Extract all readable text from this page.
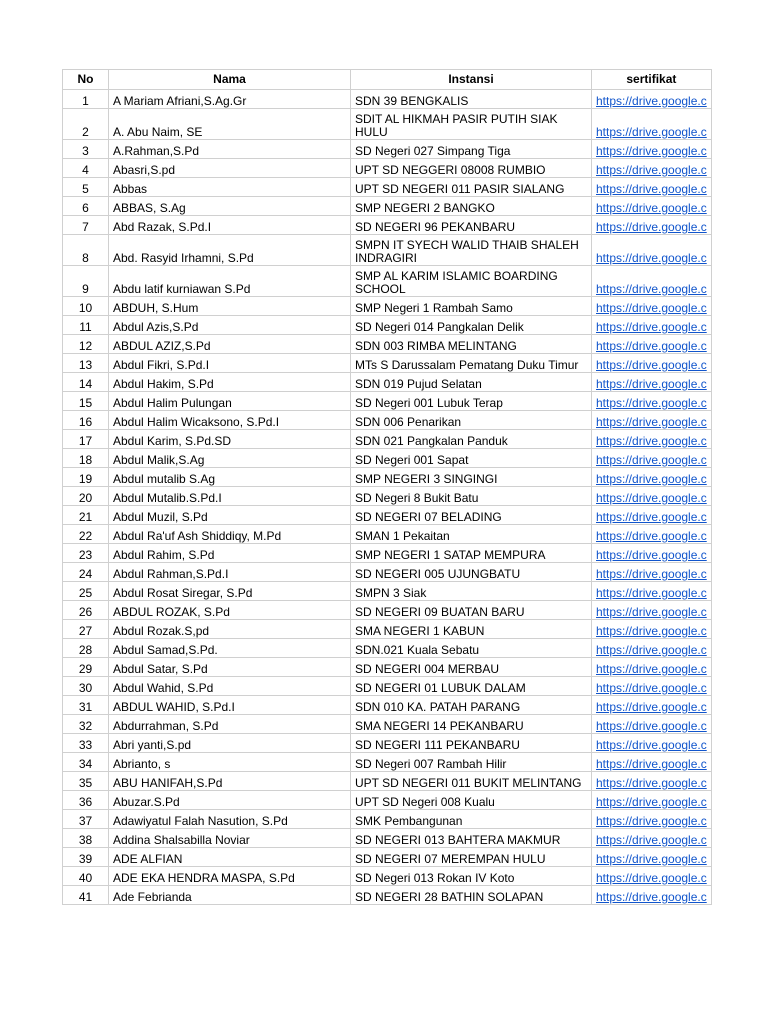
No	Nama	Instansi	sertifikat
1	A Mariam Afriani,S.Ag.Gr	SDN 39 BENGKALIS	https://drive.google.c
2	A. Abu Naim, SE	SDIT AL HIKMAH PASIR PUTIH SIAK HULU	https://drive.google.c
3	A.Rahman,S.Pd	SD Negeri 027 Simpang Tiga	https://drive.google.c
4	Abasri,S.pd	UPT SD NEGGERI 08008 RUMBIO	https://drive.google.c
5	Abbas	UPT SD NEGERI 011 PASIR SIALANG	https://drive.google.c
6	ABBAS, S.Ag	SMP NEGERI 2 BANGKO	https://drive.google.c
7	Abd Razak, S.Pd.I	SD NEGERI 96 PEKANBARU	https://drive.google.c
8	Abd. Rasyid Irhamni, S.Pd	SMPN IT SYECH WALID THAIB SHALEH INDRAGIRI	https://drive.google.c
9	Abdu latif kurniawan S.Pd	SMP AL KARIM ISLAMIC BOARDING SCHOOL	https://drive.google.c
10	ABDUH, S.Hum	SMP Negeri 1 Rambah Samo	https://drive.google.c
11	Abdul Azis,S.Pd	SD Negeri 014 Pangkalan Delik	https://drive.google.c
12	ABDUL AZIZ,S.Pd	SDN 003 RIMBA MELINTANG	https://drive.google.c
13	Abdul Fikri, S.Pd.I	MTs S Darussalam Pematang Duku Timur	https://drive.google.c
14	Abdul Hakim, S.Pd	SDN 019 Pujud Selatan	https://drive.google.c
15	Abdul Halim Pulungan	SD Negeri 001 Lubuk Terap	https://drive.google.c
16	Abdul Halim Wicaksono, S.Pd.I	SDN 006 Penarikan	https://drive.google.c
17	Abdul Karim, S.Pd.SD	SDN 021 Pangkalan Panduk	https://drive.google.c
18	Abdul Malik,S.Ag	SD Negeri 001 Sapat	https://drive.google.c
19	Abdul mutalib S.Ag	SMP NEGERI 3 SINGINGI	https://drive.google.c
20	Abdul Mutalib.S.Pd.I	SD Negeri 8 Bukit Batu	https://drive.google.c
21	Abdul Muzil, S.Pd	SD NEGERI 07 BELADING	https://drive.google.c
22	Abdul Ra'uf Ash Shiddiqy, M.Pd	SMAN 1 Pekaitan	https://drive.google.c
23	Abdul Rahim, S.Pd	SMP NEGERI 1 SATAP MEMPURA	https://drive.google.c
24	Abdul Rahman,S.Pd.I	SD NEGERI 005 UJUNGBATU	https://drive.google.c
25	Abdul Rosat Siregar, S.Pd	SMPN 3 Siak	https://drive.google.c
26	ABDUL ROZAK, S.Pd	SD NEGERI 09 BUATAN BARU	https://drive.google.c
27	Abdul Rozak.S,pd	SMA NEGERI 1 KABUN	https://drive.google.c
28	Abdul Samad,S.Pd.	SDN.021 Kuala Sebatu	https://drive.google.c
29	Abdul Satar, S.Pd	SD NEGERI 004 MERBAU	https://drive.google.c
30	Abdul Wahid, S.Pd	SD NEGERI 01 LUBUK DALAM	https://drive.google.c
31	ABDUL WAHID, S.Pd.I	SDN 010 KA. PATAH PARANG	https://drive.google.c
32	Abdurrahman, S.Pd	SMA NEGERI 14 PEKANBARU	https://drive.google.c
33	Abri yanti,S.pd	SD NEGERI 111 PEKANBARU	https://drive.google.c
34	Abrianto, s	SD Negeri 007 Rambah Hilir	https://drive.google.c
35	ABU HANIFAH,S.Pd	UPT SD NEGERI 011 BUKIT MELINTANG	https://drive.google.c
36	Abuzar.S.Pd	UPT SD Negeri 008 Kualu	https://drive.google.c
37	Adawiyatul Falah Nasution, S.Pd	SMK Pembangunan	https://drive.google.c
38	Addina Shalsabilla Noviar	SD NEGERI 013 BAHTERA MAKMUR	https://drive.google.c
39	ADE ALFIAN	SD NEGERI 07 MEREMPAN HULU	https://drive.google.c
40	ADE EKA HENDRA MASPA, S.Pd	SD Negeri 013 Rokan IV Koto	https://drive.google.c
41	Ade Febrianda	SD NEGERI 28 BATHIN SOLAPAN	https://drive.google.c
